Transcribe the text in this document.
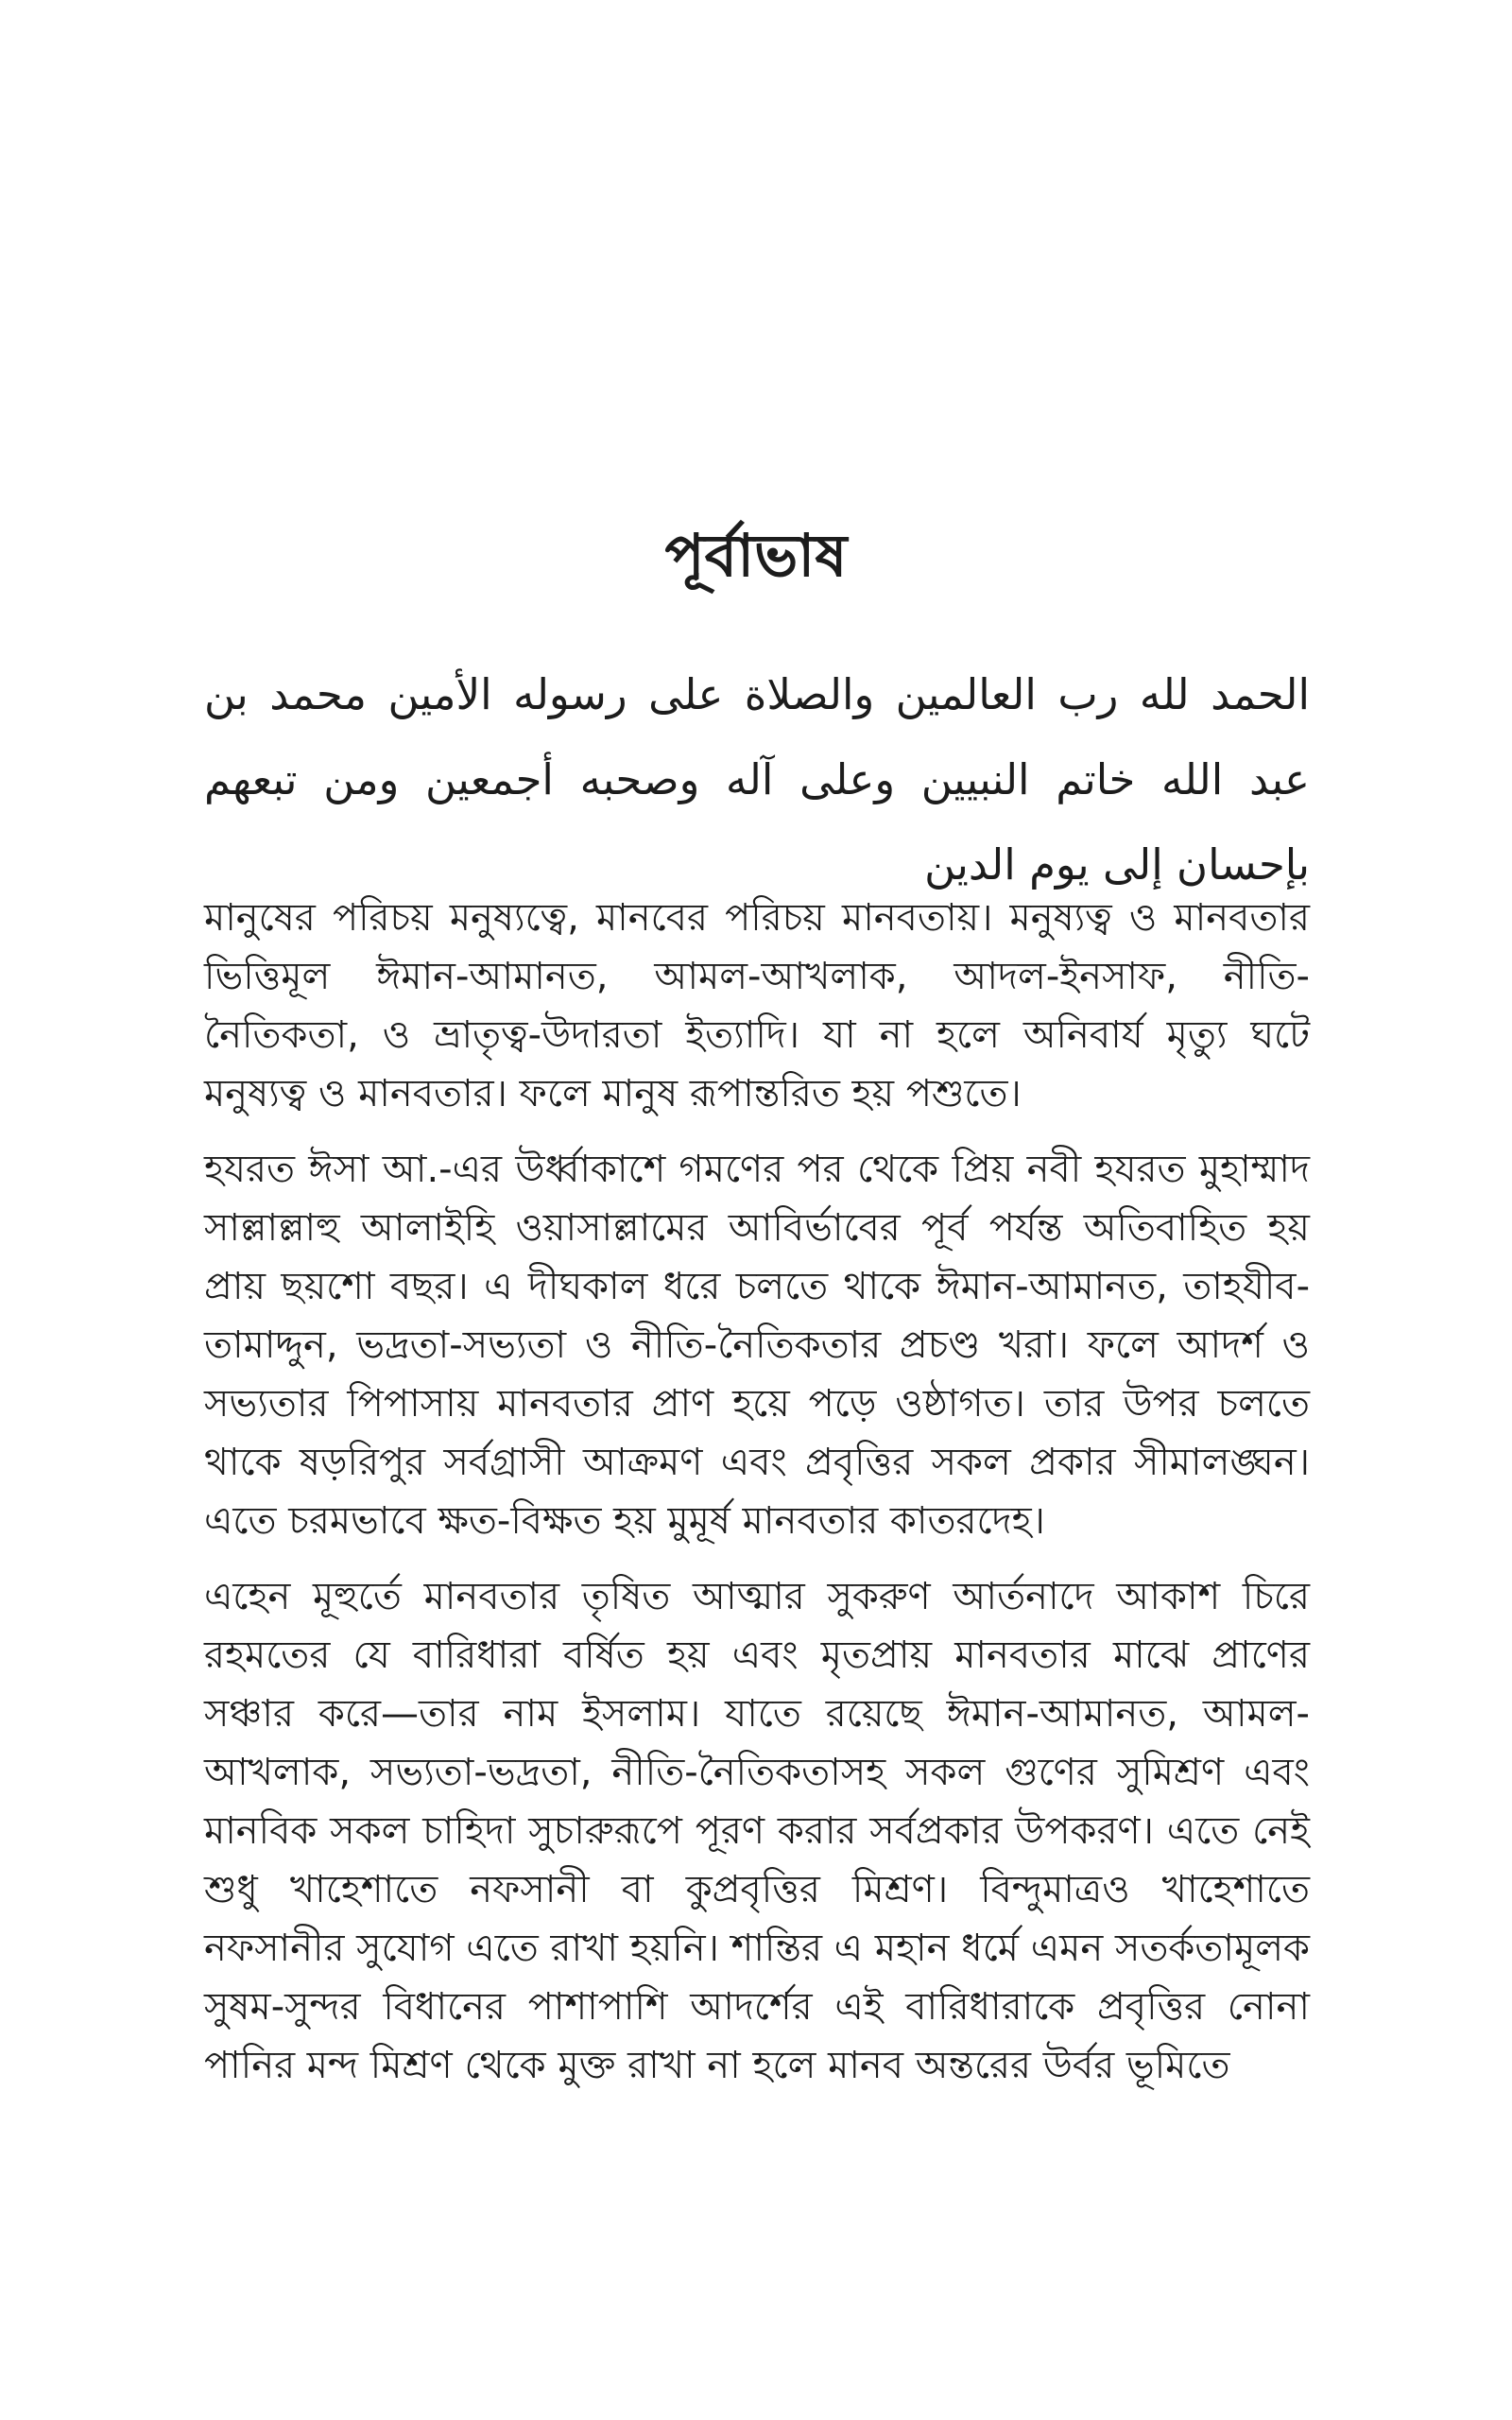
পূর্বাভাষ
الحمد لله رب العالمين والصلاة على رسوله الأمين محمد بن عبد الله خاتم النبيين وعلى آله وصحبه أجمعين ومن تبعهم بإحسان إلى يوم الدين

মানুষের পরিচয় মনুষ্যত্বে, মানবের পরিচয় মানবতায়। মনুষ্যত্ব ও মানবতার ভিত্তিমূল ঈমান-আমানত, আমল-আখলাক, আদল-ইনসাফ, নীতি-নৈতিকতা, ও ভ্রাতৃত্ব-উদারতা ইত্যাদি। যা না হলে অনিবার্য মৃত্যু ঘটে মনুষ্যত্ব ও মানবতার। ফলে মানুষ রূপান্তরিত হয় পশুতে।

হযরত ঈসা আ.-এর উর্ধ্বাকাশে গমণের পর থেকে প্রিয় নবী হযরত মুহাম্মাদ সাল্লাল্লাহু আলাইহি ওয়াসাল্লামের আবির্ভাবের পূর্ব পর্যন্ত অতিবাহিত হয় প্রায় ছয়শো বছর। এ দীঘকাল ধরে চলতে থাকে ঈমান-আমানত, তাহযীব-তামাদ্দুন, ভদ্রতা-সভ্যতা ও নীতি-নৈতিকতার প্রচণ্ড খরা। ফলে আদর্শ ও সভ্যতার পিপাসায় মানবতার প্রাণ হয়ে পড়ে ওষ্ঠাগত। তার উপর চলতে থাকে ষড়রিপুর সর্বগ্রাসী আক্রমণ এবং প্রবৃত্তির সকল প্রকার সীমালঙ্ঘন। এতে চরমভাবে ক্ষত-বিক্ষত হয় মুমূর্ষ মানবতার কাতরদেহ।

এহেন মূহুর্তে মানবতার তৃষিত আত্মার সুকরুণ আর্তনাদে আকাশ চিরে রহমতের যে বারিধারা বর্ষিত হয় এবং মৃতপ্রায় মানবতার মাঝে প্রাণের সঞ্চার করে—তার নাম ইসলাম। যাতে রয়েছে ঈমান-আমানত, আমল-আখলাক, সভ্যতা-ভদ্রতা, নীতি-নৈতিকতাসহ সকল গুণের সুমিশ্রণ এবং মানবিক সকল চাহিদা সুচারুরূপে পূরণ করার সর্বপ্রকার উপকরণ। এতে নেই শুধু খাহেশাতে নফসানী বা কুপ্রবৃত্তির মিশ্রণ। বিন্দুমাত্রও খাহেশাতে নফসানীর সুযোগ এতে রাখা হয়নি। শান্তির এ মহান ধর্মে এমন সতর্কতামূলক সুষম-সুন্দর বিধানের পাশাপাশি আদর্শের এই বারিধারাকে প্রবৃত্তির নোনা পানির মন্দ মিশ্রণ থেকে মুক্ত রাখা না হলে মানব অন্তরের উর্বর ভূমিতে
